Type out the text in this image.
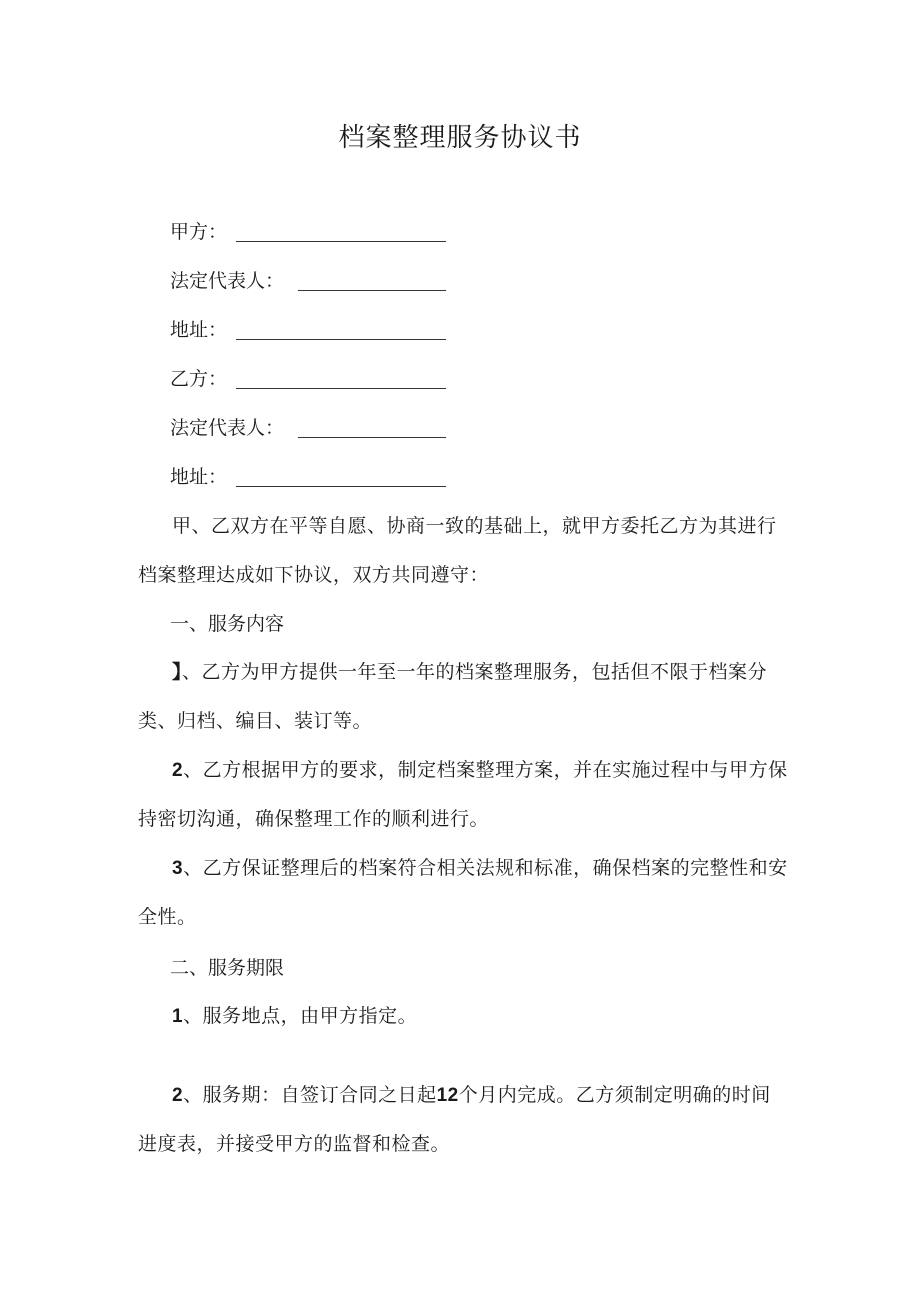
档案整理服务协议书
甲方：
法定代表人：
地址：
乙方：
法定代表人：
地址：
甲、乙双方在平等自愿、协商一致的基础上，就甲方委托乙方为其进行档案整理达成如下协议，双方共同遵守：
一、服务内容
】、乙方为甲方提供一年至一年的档案整理服务，包括但不限于档案分类、归档、编目、装订等。
2、乙方根据甲方的要求，制定档案整理方案，并在实施过程中与甲方保持密切沟通，确保整理工作的顺利进行。
3、乙方保证整理后的档案符合相关法规和标准，确保档案的完整性和安全性。
二、服务期限
1、服务地点，由甲方指定。
2、服务期：自签订合同之日起12个月内完成。乙方须制定明确的时间进度表，并接受甲方的监督和检查。
